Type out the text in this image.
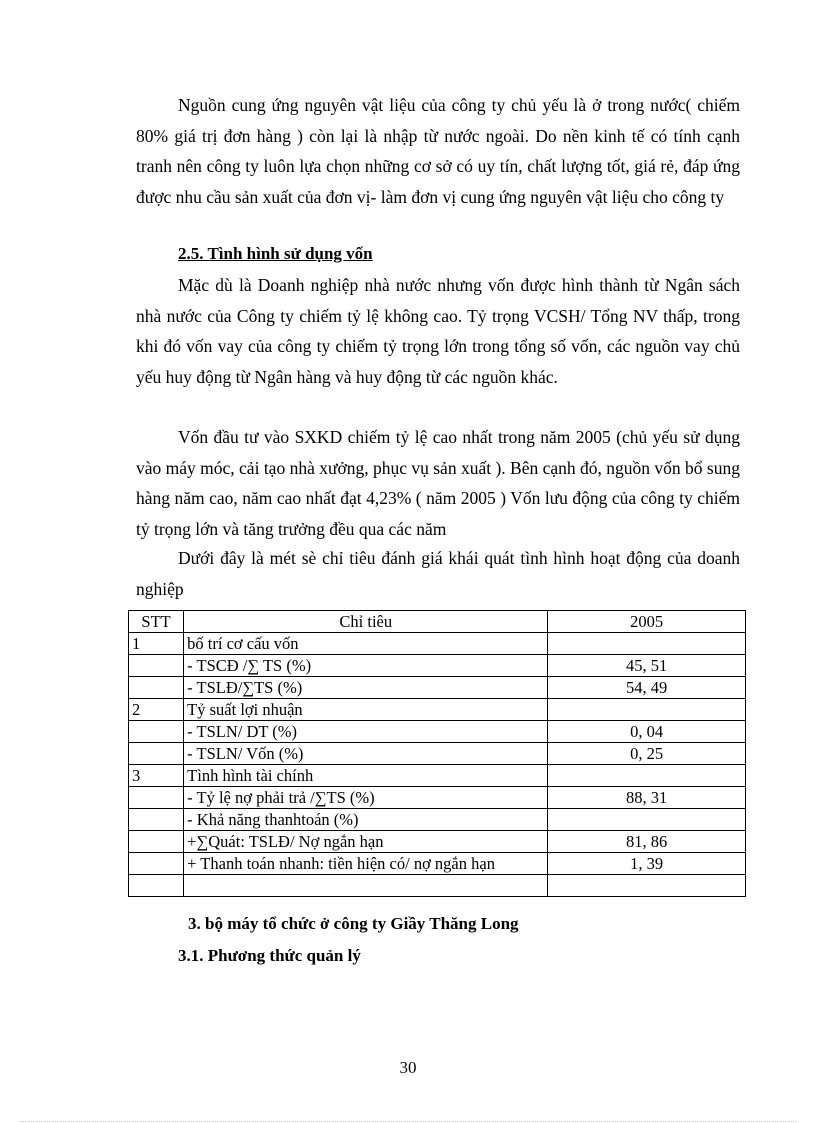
Nguồn cung ứng nguyên vật liệu của công ty chủ yếu là ở trong nước( chiếm 80% giá trị đơn hàng ) còn lại là nhập từ nước ngoài. Do nền kinh tế có tính cạnh tranh nên công ty luôn lựa chọn những cơ sở có uy tín, chất lượng tốt, giá rẻ, đáp ứng được nhu cầu sản xuất của đơn vị- làm đơn vị cung ứng nguyên vật liệu cho công ty

2.5. Tình hình sử dụng vốn

Mặc dù là Doanh nghiệp nhà nước nhưng vốn được hình thành từ Ngân sách nhà nước của Công ty chiếm tỷ lệ không cao. Tỷ trọng VCSH/ Tổng NV thấp, trong khi đó vốn vay của công ty chiếm tỷ trọng lớn trong tổng số vốn, các nguồn vay chủ yếu huy động từ Ngân hàng và huy động từ các nguồn khác.

Vốn đầu tư vào SXKD chiếm tỷ lệ cao nhất trong năm 2005 (chủ yếu sử dụng vào máy móc, cải tạo nhà xưởng, phục vụ sản xuất ). Bên cạnh đó, nguồn vốn bổ sung hàng năm cao, năm cao nhất đạt 4,23% ( năm 2005 ) Vốn lưu động của công ty chiếm tỷ trọng lớn và tăng trưởng đều qua các năm

Dưới đây là mét sè chỉ tiêu đánh giá khái quát tình hình hoạt động của doanh nghiệp

STT	Chỉ tiêu	2005
1	bố trí cơ cấu vốn	
	- TSCĐ /∑ TS (%)	45, 51
	- TSLĐ/∑TS (%)	54, 49
2	Tỷ suất lợi nhuận	
	- TSLN/ DT (%)	0, 04
	- TSLN/ Vốn (%)	0, 25
3	Tình hình tài chính	
	- Tỷ lệ nợ phải trả /∑TS (%)	88, 31
	- Khả năng thanhtoán (%)	
	+∑Quát: TSLĐ/ Nợ ngắn hạn	81, 86
	+ Thanh toán nhanh: tiền hiện có/ nợ ngắn hạn	1, 39

3. bộ máy tổ chức ở công ty Giầy Thăng Long

3.1. Phương thức quản lý

30
